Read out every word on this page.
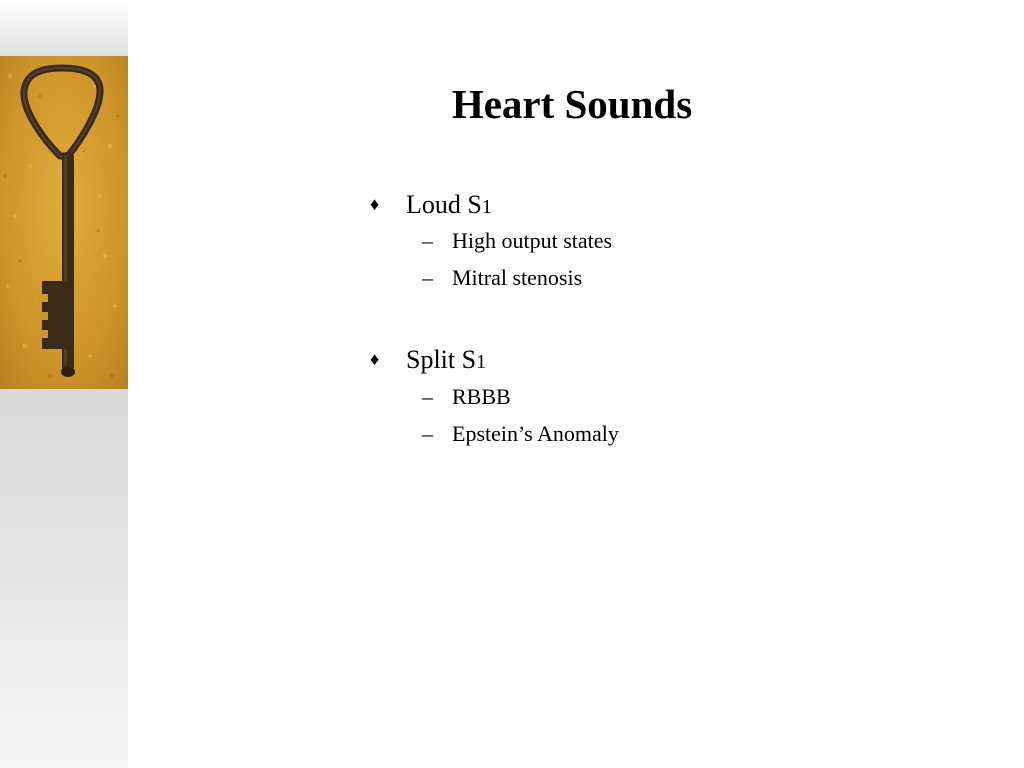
Heart Sounds
♦ Loud S1
– High output states
– Mitral stenosis
♦ Split S1
– RBBB
– Epstein’s Anomaly
